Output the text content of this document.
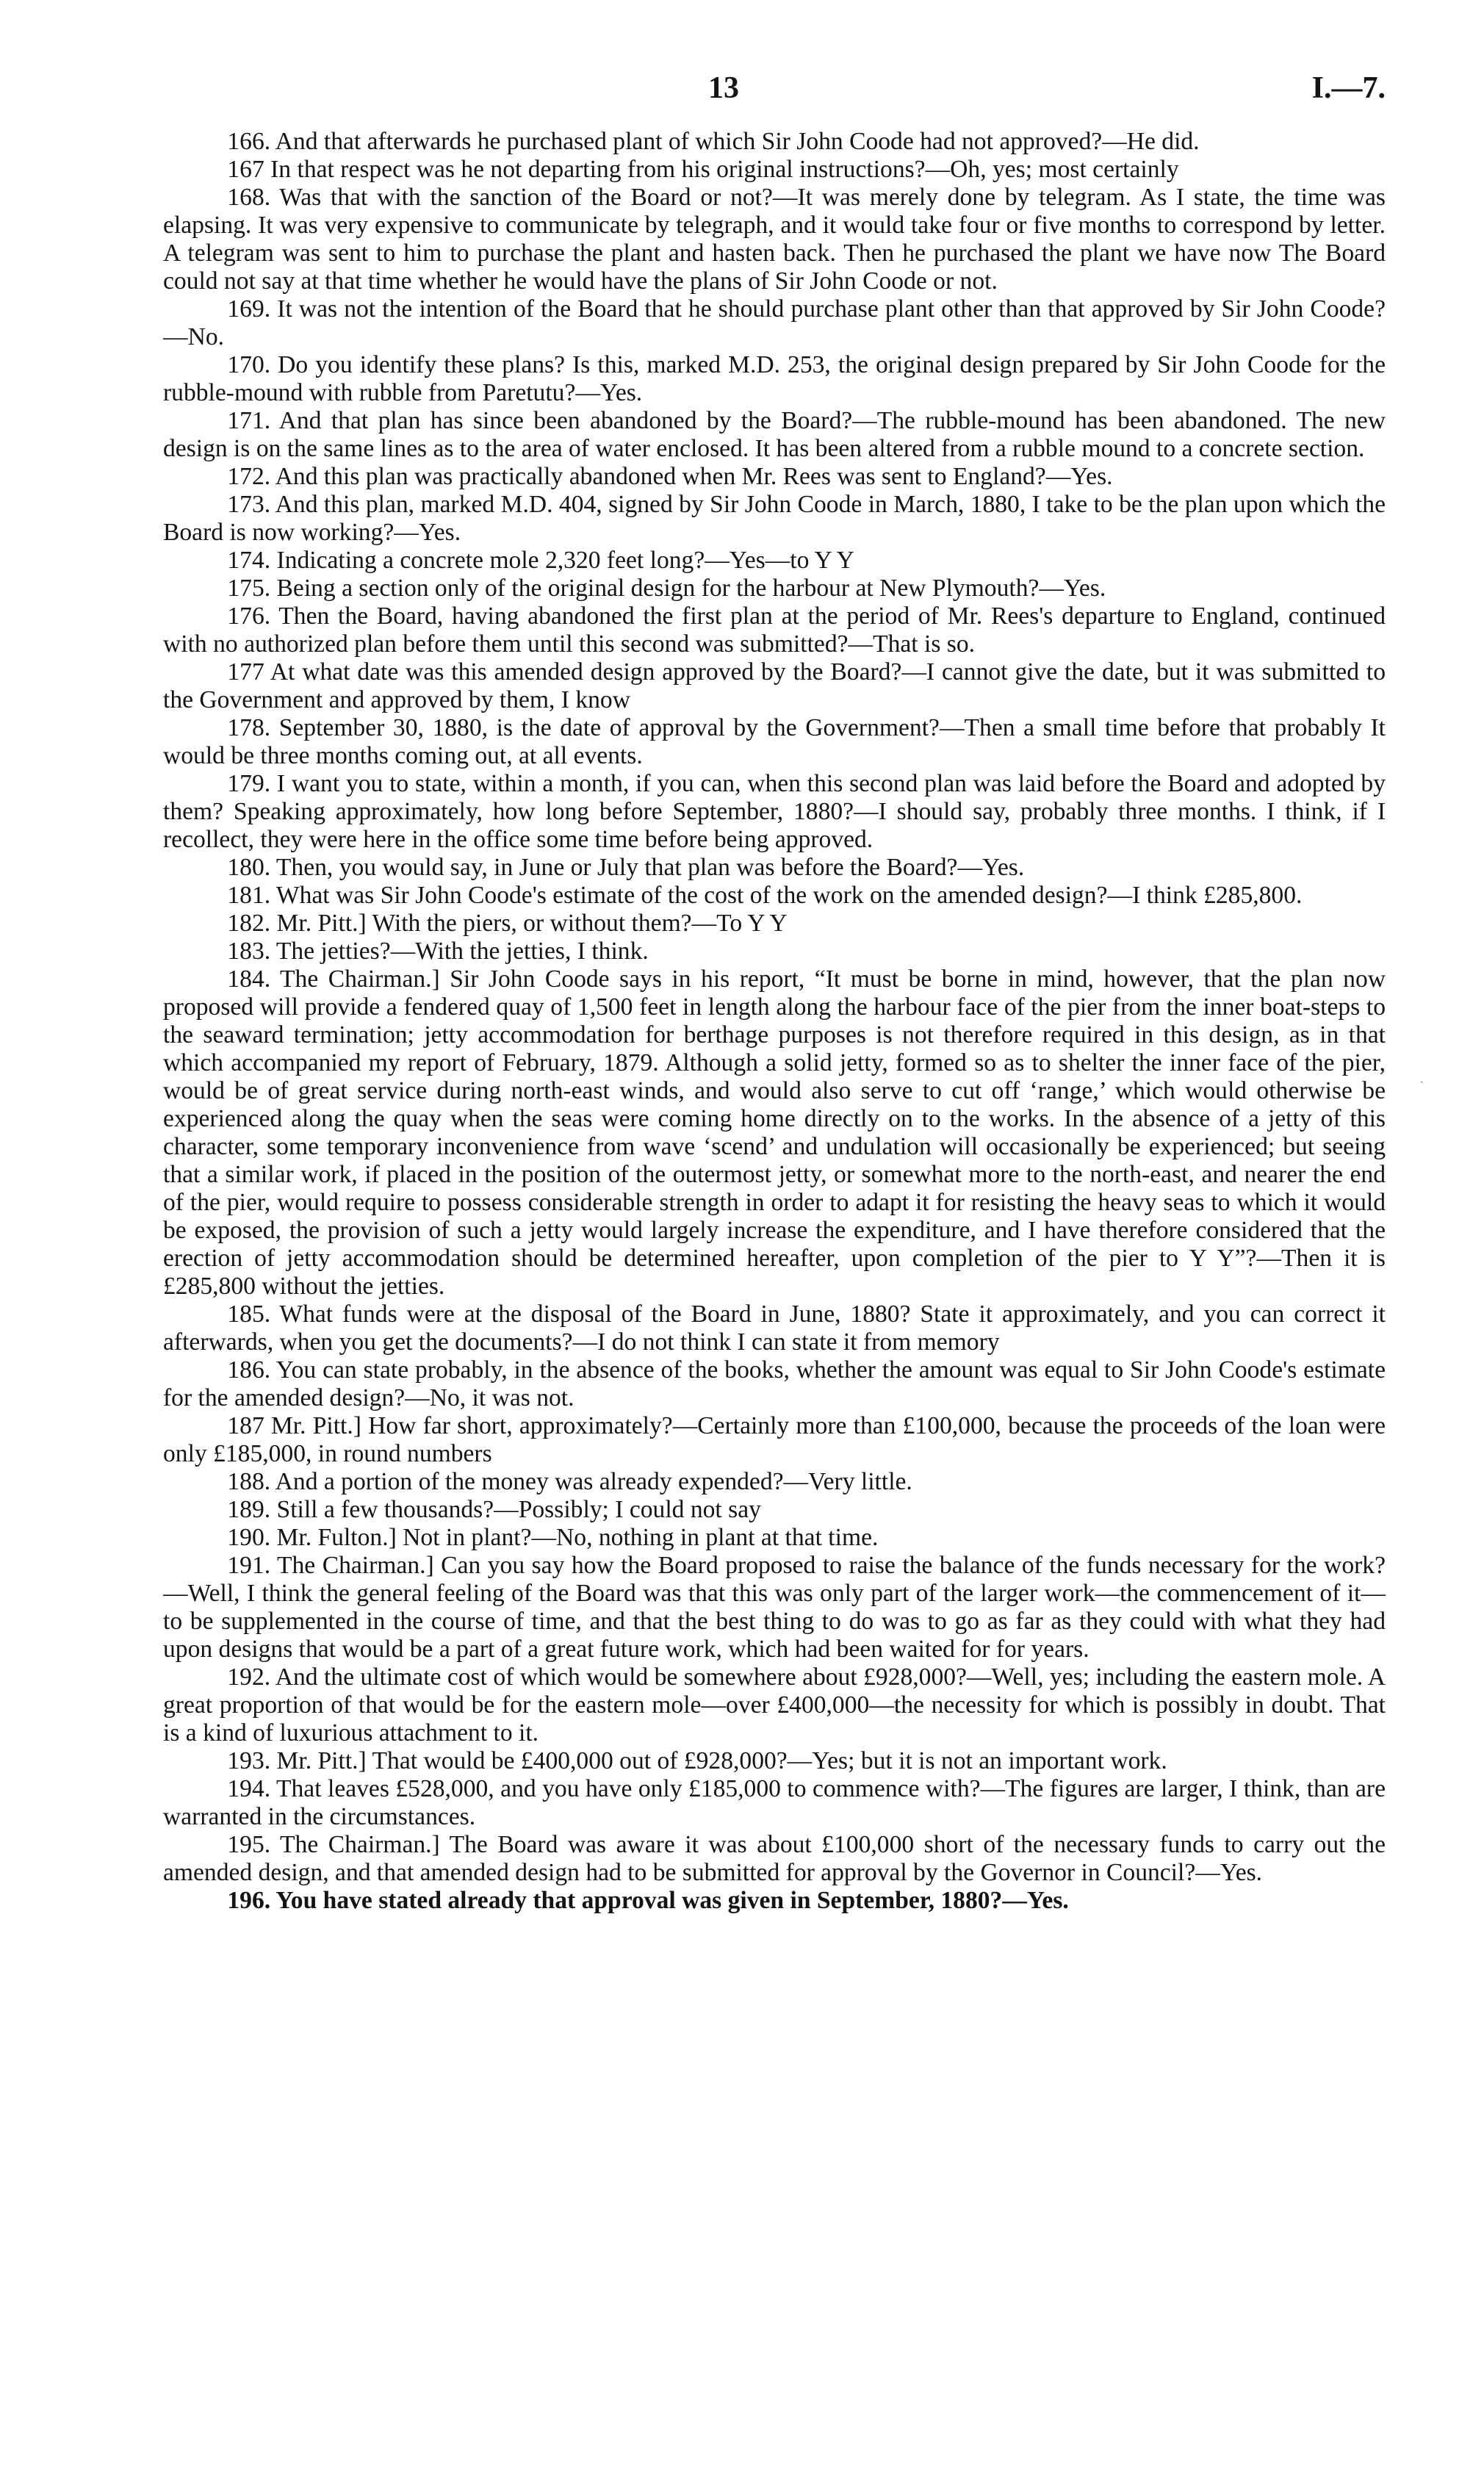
13	I.—7.

166. And that afterwards he purchased plant of which Sir John Coode had not approved?—He did.

167 In that respect was he not departing from his original instructions?—Oh, yes; most certainly

168. Was that with the sanction of the Board or not?—It was merely done by telegram. As I state, the time was elapsing. It was very expensive to communicate by telegraph, and it would take four or five months to correspond by letter. A telegram was sent to him to purchase the plant and hasten back. Then he purchased the plant we have now The Board could not say at that time whether he would have the plans of Sir John Coode or not.

169. It was not the intention of the Board that he should purchase plant other than that approved by Sir John Coode?—No.

170. Do you identify these plans? Is this, marked M.D. 253, the original design prepared by Sir John Coode for the rubble-mound with rubble from Paretutu?—Yes.

171. And that plan has since been abandoned by the Board?—The rubble-mound has been abandoned. The new design is on the same lines as to the area of water enclosed. It has been altered from a rubble mound to a concrete section.

172. And this plan was practically abandoned when Mr. Rees was sent to England?—Yes.

173. And this plan, marked M.D. 404, signed by Sir John Coode in March, 1880, I take to be the plan upon which the Board is now working?—Yes.

174. Indicating a concrete mole 2,320 feet long?—Yes—to Y Y

175. Being a section only of the original design for the harbour at New Plymouth?—Yes.

176. Then the Board, having abandoned the first plan at the period of Mr. Rees's departure to England, continued with no authorized plan before them until this second was submitted?—That is so.

177 At what date was this amended design approved by the Board?—I cannot give the date, but it was submitted to the Government and approved by them, I know

178. September 30, 1880, is the date of approval by the Government?—Then a small time before that probably It would be three months coming out, at all events.

179. I want you to state, within a month, if you can, when this second plan was laid before the Board and adopted by them? Speaking approximately, how long before September, 1880?—I should say, probably three months. I think, if I recollect, they were here in the office some time before being approved.

180. Then, you would say, in June or July that plan was before the Board?—Yes.

181. What was Sir John Coode's estimate of the cost of the work on the amended design?—I think £285,800.

182. Mr. Pitt.] With the piers, or without them?—To Y Y

183. The jetties?—With the jetties, I think.

184. The Chairman.] Sir John Coode says in his report, “It must be borne in mind, however, that the plan now proposed will provide a fendered quay of 1,500 feet in length along the harbour face of the pier from the inner boat-steps to the seaward termination; jetty accommodation for berthage purposes is not therefore required in this design, as in that which accompanied my report of February, 1879. Although a solid jetty, formed so as to shelter the inner face of the pier, would be of great service during north-east winds, and would also serve to cut off ‘range,’ which would otherwise be experienced along the quay when the seas were coming home directly on to the works. In the absence of a jetty of this character, some temporary inconvenience from wave ‘scend’ and undulation will occasionally be experienced; but seeing that a similar work, if placed in the position of the outermost jetty, or somewhat more to the north-east, and nearer the end of the pier, would require to possess considerable strength in order to adapt it for resisting the heavy seas to which it would be exposed, the provision of such a jetty would largely increase the expenditure, and I have therefore considered that the erection of jetty accommodation should be determined hereafter, upon completion of the pier to Y Y”?—Then it is £285,800 without the jetties.

185. What funds were at the disposal of the Board in June, 1880? State it approximately, and you can correct it afterwards, when you get the documents?—I do not think I can state it from memory

186. You can state probably, in the absence of the books, whether the amount was equal to Sir John Coode's estimate for the amended design?—No, it was not.

187 Mr. Pitt.] How far short, approximately?—Certainly more than £100,000, because the proceeds of the loan were only £185,000, in round numbers

188. And a portion of the money was already expended?—Very little.

189. Still a few thousands?—Possibly; I could not say

190. Mr. Fulton.] Not in plant?—No, nothing in plant at that time.

191. The Chairman.] Can you say how the Board proposed to raise the balance of the funds necessary for the work?—Well, I think the general feeling of the Board was that this was only part of the larger work—the commencement of it—to be supplemented in the course of time, and that the best thing to do was to go as far as they could with what they had upon designs that would be a part of a great future work, which had been waited for for years.

192. And the ultimate cost of which would be somewhere about £928,000?—Well, yes; including the eastern mole. A great proportion of that would be for the eastern mole—over £400,000—the necessity for which is possibly in doubt. That is a kind of luxurious attachment to it.

193. Mr. Pitt.] That would be £400,000 out of £928,000?—Yes; but it is not an important work.

194. That leaves £528,000, and you have only £185,000 to commence with?—The figures are larger, I think, than are warranted in the circumstances.

195. The Chairman.] The Board was aware it was about £100,000 short of the necessary funds to carry out the amended design, and that amended design had to be submitted for approval by the Governor in Council?—Yes.

196. You have stated already that approval was given in September, 1880?—Yes.

ˎ
